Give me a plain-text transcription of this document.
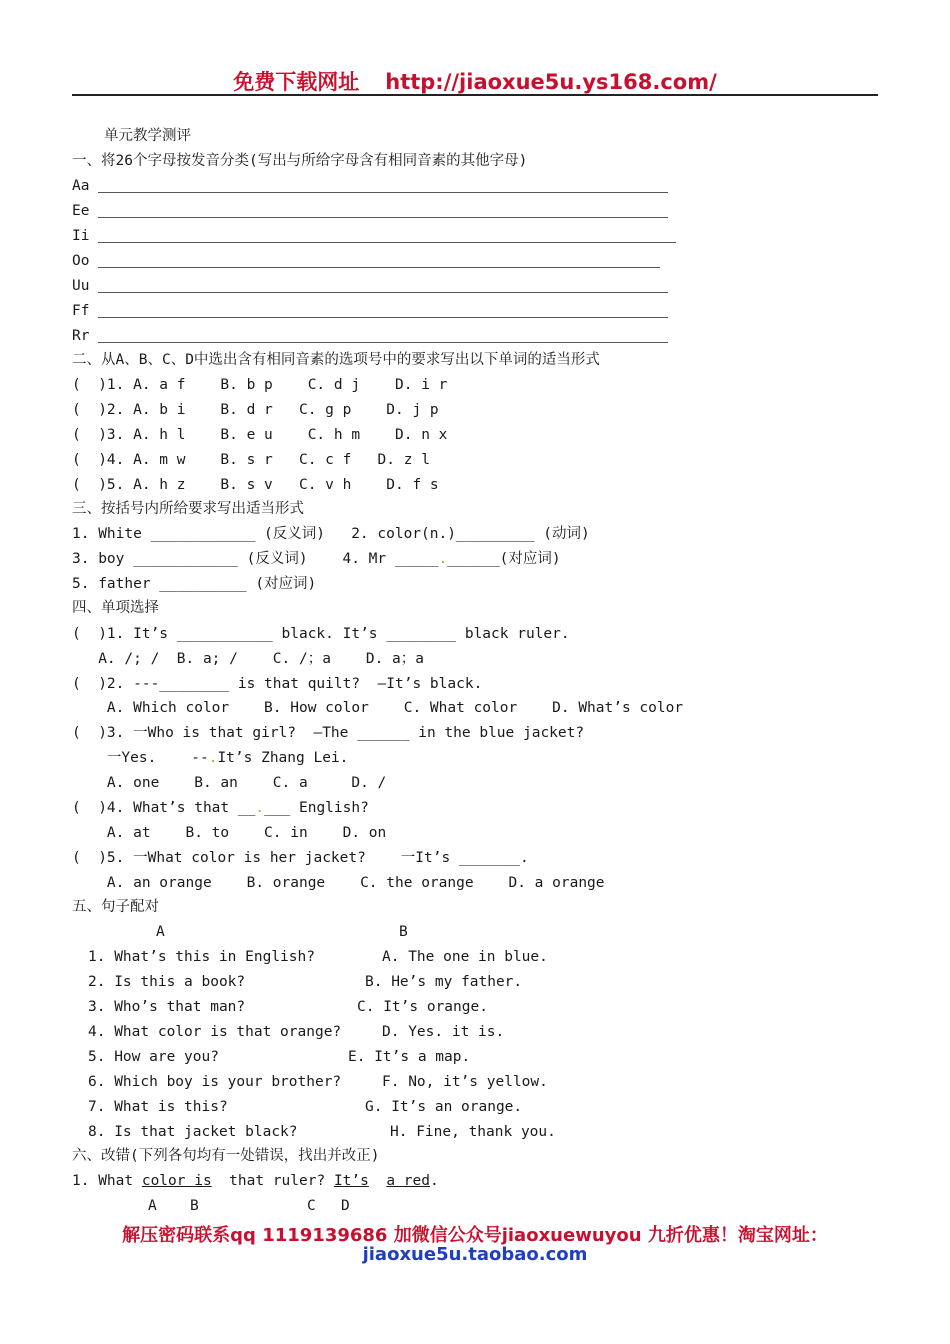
免费下载网址 http://jiaoxue5u.ys168.com/
单元教学测评
一、将26个字母按发音分类(写出与所给字母含有相同音素的其他字母)
Aa
Ee
Ii
Oo
Uu
Ff
Rr
二、从A、B、C、D中选出含有相同音素的选项号中的要求写出以下单词的适当形式
(  )1. A. a f    B. b p    C. d j    D. i r
(  )2. A. b i    B. d r   C. g p    D. j p
(  )3. A. h l    B. e u    C. h m    D. n x
(  )4. A. m w    B. s r   C. c f   D. z l
(  )5. A. h z    B. s v   C. v h    D. f s
三、按括号内所给要求写出适当形式
1. White ____________ (反义词)   2. color(n.)_________ (动词)
3. boy ____________ (反义词)    4. Mr _____.______(对应词)
5. father __________ (对应词)
四、单项选择
(  )1. It’s ___________ black. It’s ________ black ruler.
A. /; /  B. a; /    C. /；a    D. a；a
(  )2. ---________ is that quilt?  —It’s black.
A. Which color    B. How color    C. What color    D. What’s color
(  )3. 一Who is that girl?  —The ______ in the blue jacket?
一Yes.    --.It’s Zhang Lei.
A. one    B. an    C. a     D. /
(  )4. What’s that __.___ English?
A. at    B. to    C. in    D. on
(  )5. 一What color is her jacket?    一It’s _______.
A. an orange    B. orange    C. the orange    D. a orange
五、句子配对
A	B
1. What’s this in English?
2. Is this a book?
3. Who’s that man?
4. What color is that orange?
5. How are you?
6. Which boy is your brother?
7. What is this?
8. Is that jacket black?
A. The one in blue.
B. He’s my father.
C. It’s orange.
D. Yes. it is.
E. It’s a map.
F. No, it’s yellow.
G. It’s an orange.
H. Fine, thank you.
六、改错(下列各句均有一处错误，找出并改正)
1. What color is that ruler? It’s a red.
A B	C D
解压密码联系qq 1119139686 加微信公众号jiaoxuewuyou 九折优惠！淘宝网址：
jiaoxue5u.taobao.com
